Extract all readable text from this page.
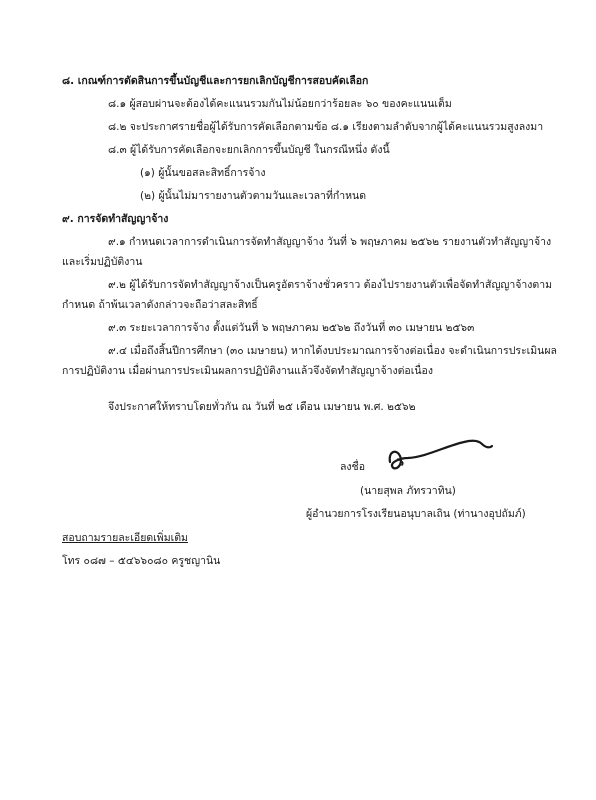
๘. เกณฑ์การตัดสินการขึ้นบัญชีและการยกเลิกบัญชีการสอบคัดเลือก
๘.๑ ผู้สอบผ่านจะต้องได้คะแนนรวมกันไม่น้อยกว่าร้อยละ ๖๐ ของคะแนนเต็ม
๘.๒ จะประกาศรายชื่อผู้ได้รับการคัดเลือกตามข้อ ๘.๑ เรียงตามลำดับจากผู้ได้คะแนนรวมสูงลงมา
๘.๓ ผู้ได้รับการคัดเลือกจะยกเลิกการขึ้นบัญชี ในกรณีหนึ่ง ดังนี้
(๑) ผู้นั้นขอสละสิทธิ์การจ้าง
(๒) ผู้นั้นไม่มารายงานตัวตามวันและเวลาที่กำหนด
๙. การจัดทำสัญญาจ้าง
๙.๑ กำหนดเวลาการดำเนินการจัดทำสัญญาจ้าง วันที่ ๖ พฤษภาคม ๒๕๖๒ รายงานตัวทำสัญญาจ้าง
และเริ่มปฏิบัติงาน
๙.๒ ผู้ได้รับการจัดทำสัญญาจ้างเป็นครูอัตราจ้างชั่วคราว ต้องไปรายงานตัวเพื่อจัดทำสัญญาจ้างตาม
กำหนด ถ้าพ้นเวลาดังกล่าวจะถือว่าสละสิทธิ์
๙.๓ ระยะเวลาการจ้าง ตั้งแต่วันที่ ๖ พฤษภาคม ๒๕๖๒ ถึงวันที่ ๓๐ เมษายน ๒๕๖๓
๙.๔ เมื่อถึงสิ้นปีการศึกษา (๓๐ เมษายน) หากได้งบประมาณการจ้างต่อเนื่อง จะดำเนินการประเมินผล
การปฏิบัติงาน เมื่อผ่านการประเมินผลการปฏิบัติงานแล้วจึงจัดทำสัญญาจ้างต่อเนื่อง
จึงประกาศให้ทราบโดยทั่วกัน ณ วันที่ ๒๕ เดือน เมษายน พ.ศ. ๒๕๖๒
ลงชื่อ
(นายสุพล ภัทรวาทิน)
ผู้อำนวยการโรงเรียนอนุบาลเถิน (ท่านางอุปถัมภ์)
สอบถามรายละเอียดเพิ่มเติม
โทร ๐๘๗ – ๕๔๖๖๐๘๐ ครูชญานิน
